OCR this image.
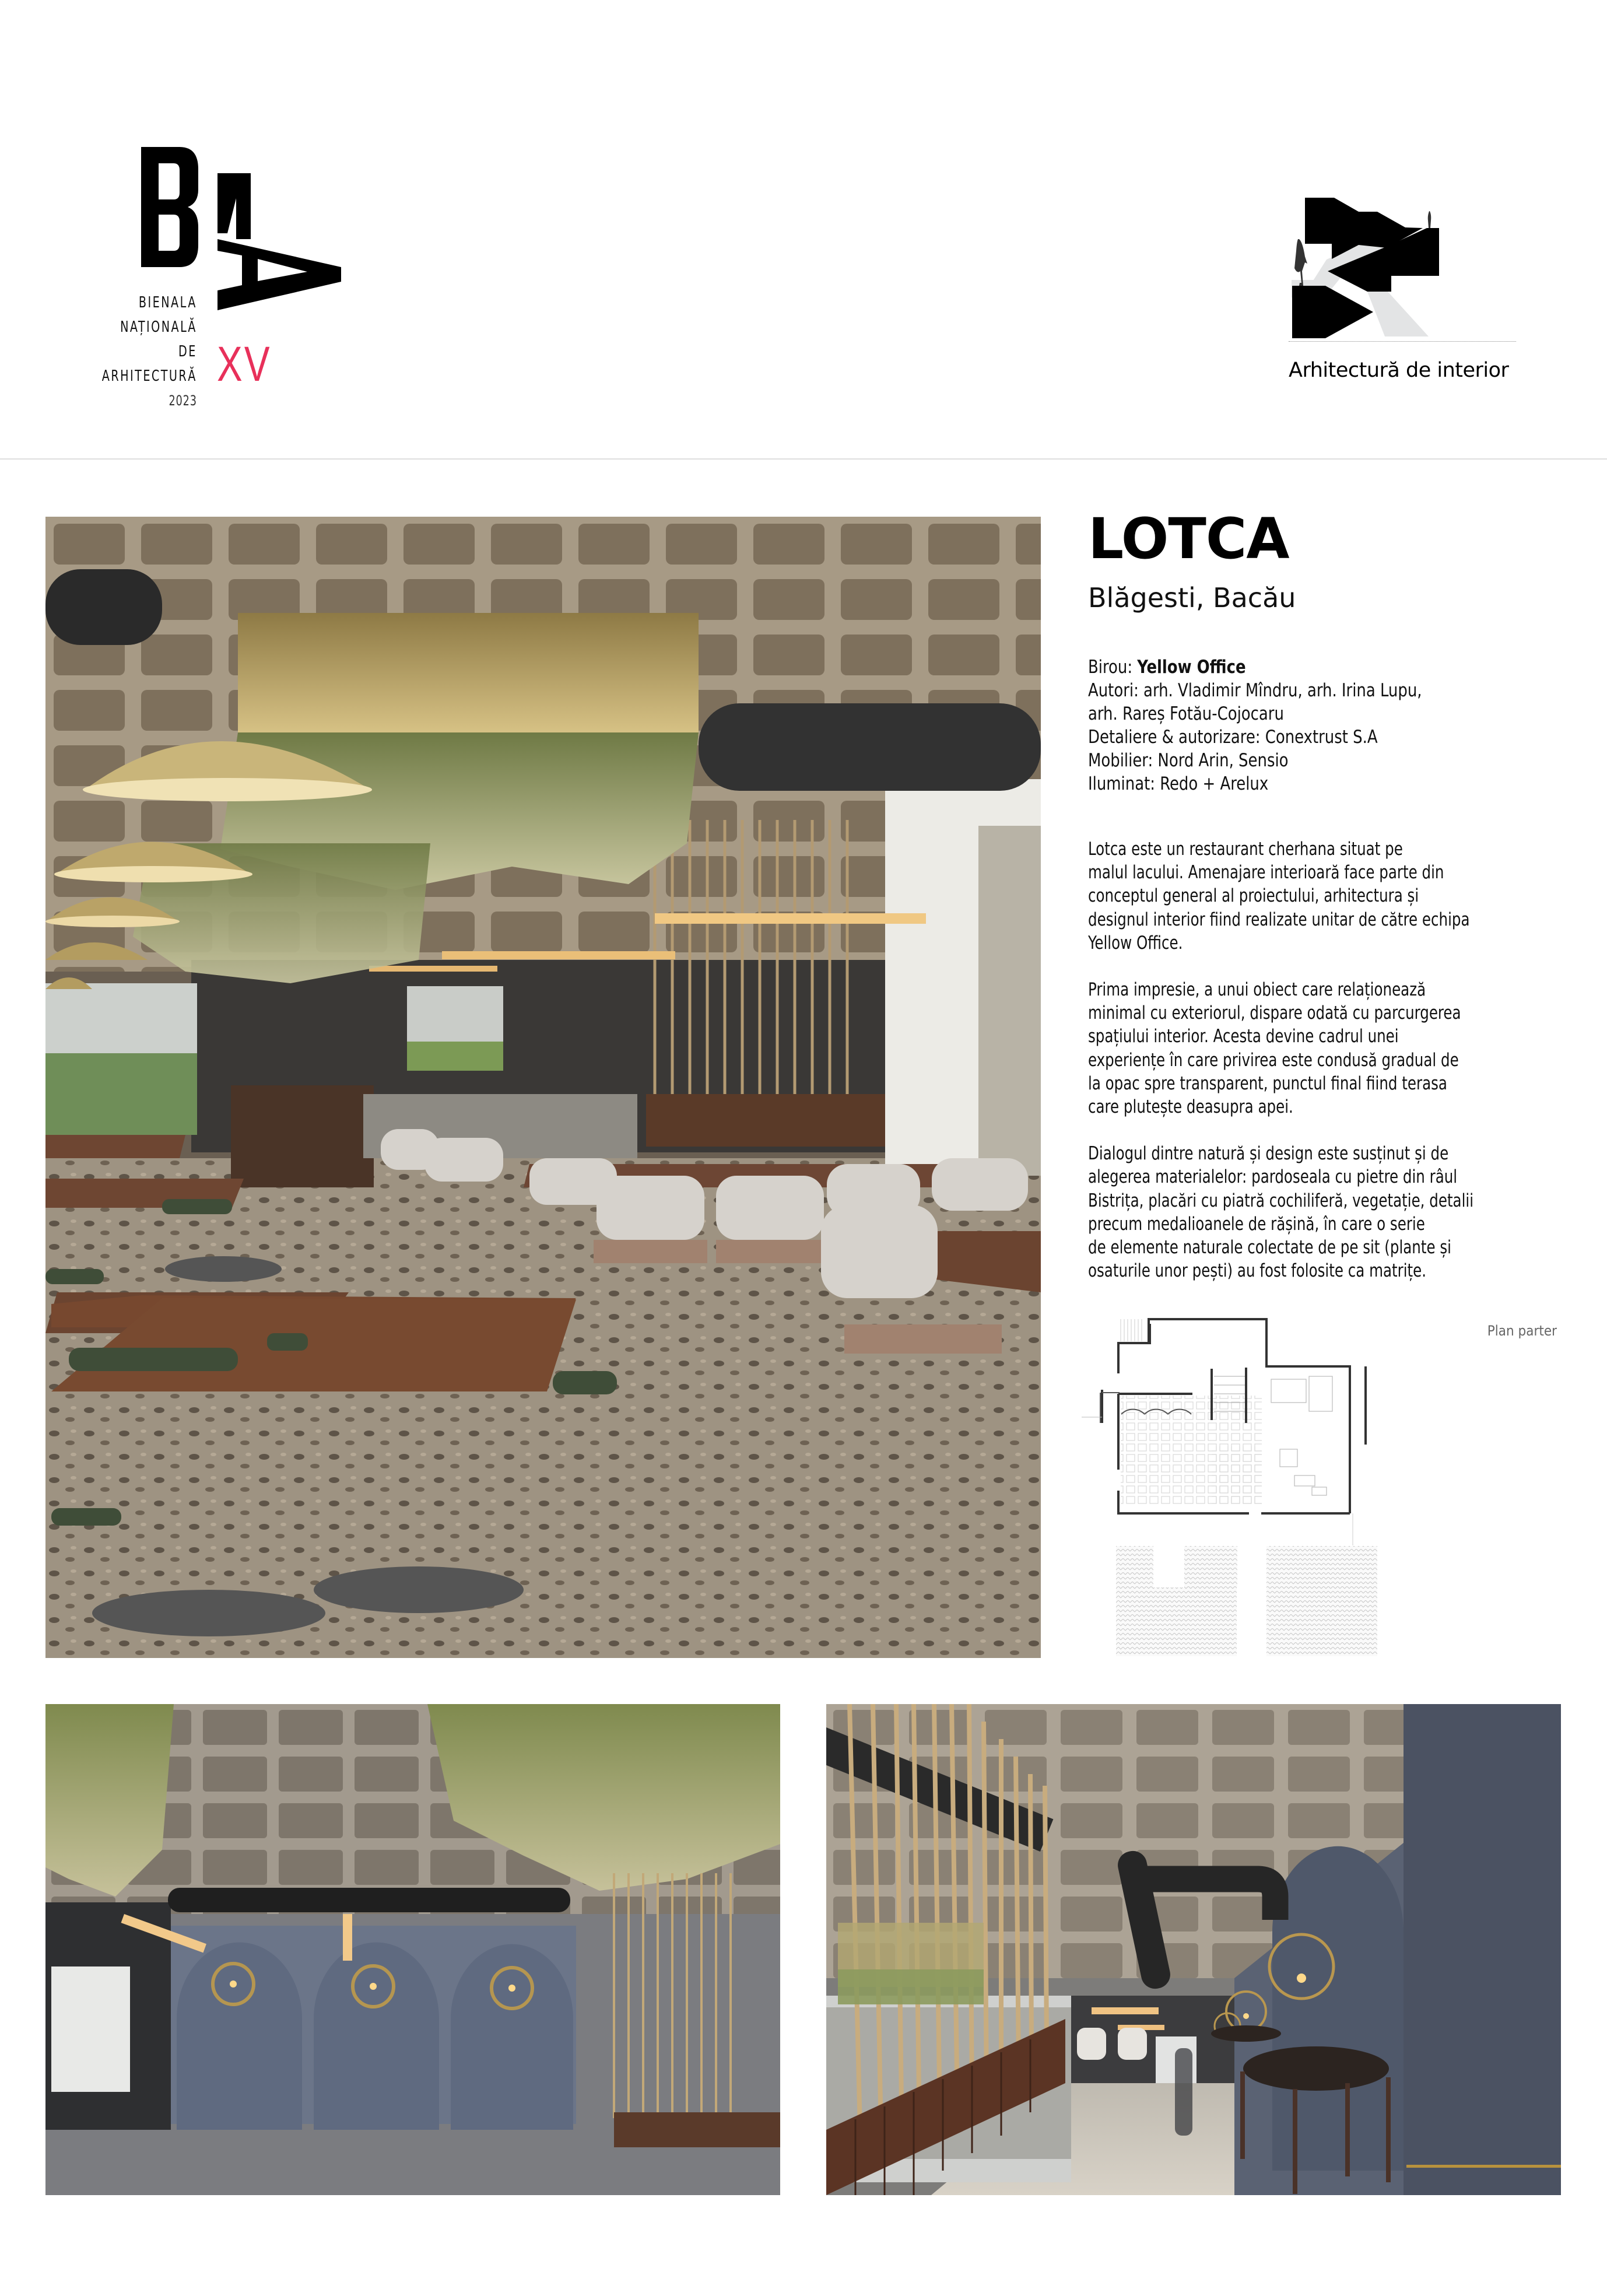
BIENALA
NAȚIONALĂ
DE
ARHITECTURĂ
2023
XV	Arhitectură de interior
LOTCA
Blăgesti, Bacău
Birou: Yellow Office
Autori: arh. Vladimir Mîndru, arh. Irina Lupu,
arh. Rareș Fotău-Cojocaru
Detaliere & autorizare: Conextrust S.A
Mobilier: Nord Arin, Sensio
Iluminat: Redo + Arelux

Lotca este un restaurant cherhana situat pe
malul lacului. Amenajare interioară face parte din
conceptul general al proiectului, arhitectura și
designul interior fiind realizate unitar de către echipa
Yellow Office.

Prima impresie, a unui obiect care relaționează
minimal cu exteriorul, dispare odată cu parcurgerea
spațiului interior. Acesta devine cadrul unei
experiențe în care privirea este condusă gradual de
la opac spre transparent, punctul final fiind terasa
care plutește deasupra apei.

Dialogul dintre natură și design este susținut și de
alegerea materialelor: pardoseala cu pietre din râul
Bistrița, placări cu piatră cochiliferă, vegetație, detalii
precum medalioanele de rășină, în care o serie
de elemente naturale colectate de pe sit (plante și
osaturile unor pești) au fost folosite ca matrițe.

Plan parter
